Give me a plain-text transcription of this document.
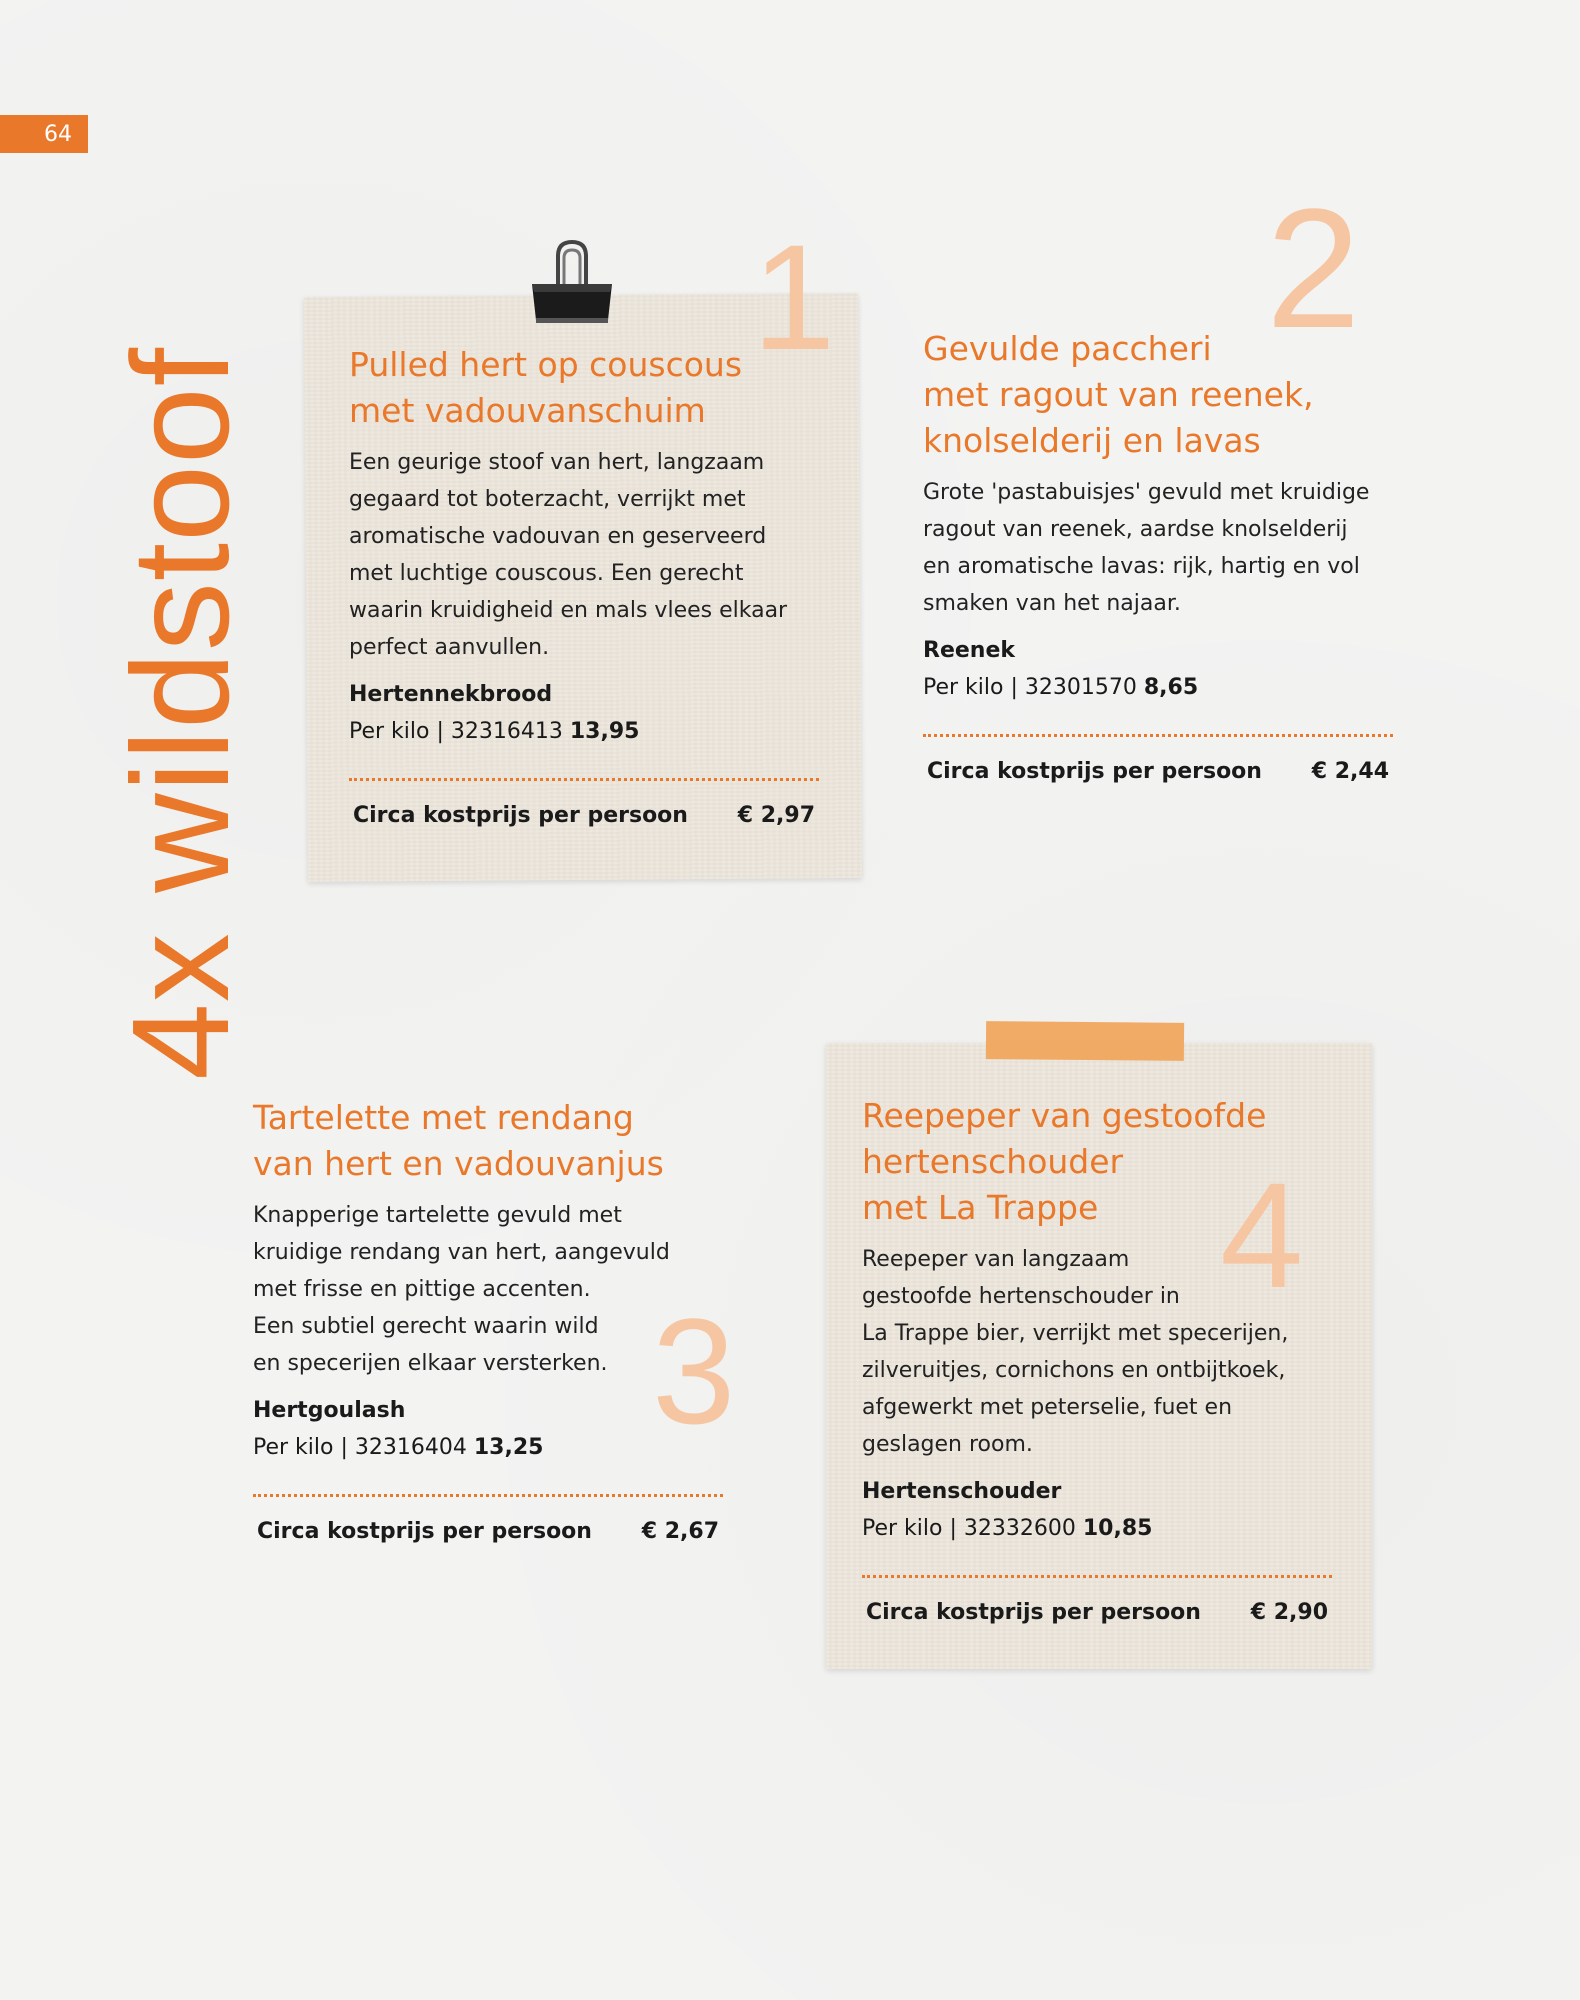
64
4x wildstoof
1	2
3
4
Pulled hert op couscous
met vadouvanschuim

Een geurige stoof van hert, langzaam
gegaard tot boterzacht, verrijkt met
aromatische vadouvan en geserveerd
met luchtige couscous. Een gerecht
waarin kruidigheid en mals vlees elkaar
perfect aanvullen.

Hertennekbrood

Per kilo | 32316413 13,95

Circa kostprijs per persoon € 2,97
Gevulde paccheri
met ragout van reenek,
knolselderij en lavas

Grote 'pastabuisjes' gevuld met kruidige
ragout van reenek, aardse knolselderij
en aromatische lavas: rijk, hartig en vol
smaken van het najaar.

Reenek

Per kilo | 32301570 8,65

Circa kostprijs per persoon € 2,44
Tartelette met rendang
van hert en vadouvanjus

Knapperige tartelette gevuld met
kruidige rendang van hert, aangevuld
met frisse en pittige accenten.
Een subtiel gerecht waarin wild
en specerijen elkaar versterken.

Hertgoulash

Per kilo | 32316404 13,25

Circa kostprijs per persoon € 2,67
Reepeper van gestoofde
hertenschouder
met La Trappe

Reepeper van langzaam
gestoofde hertenschouder in
La Trappe bier, verrijkt met specerijen,
zilveruitjes, cornichons en ontbijtkoek,
afgewerkt met peterselie, fuet en
geslagen room.

Hertenschouder

Per kilo | 32332600 10,85

Circa kostprijs per persoon € 2,90
